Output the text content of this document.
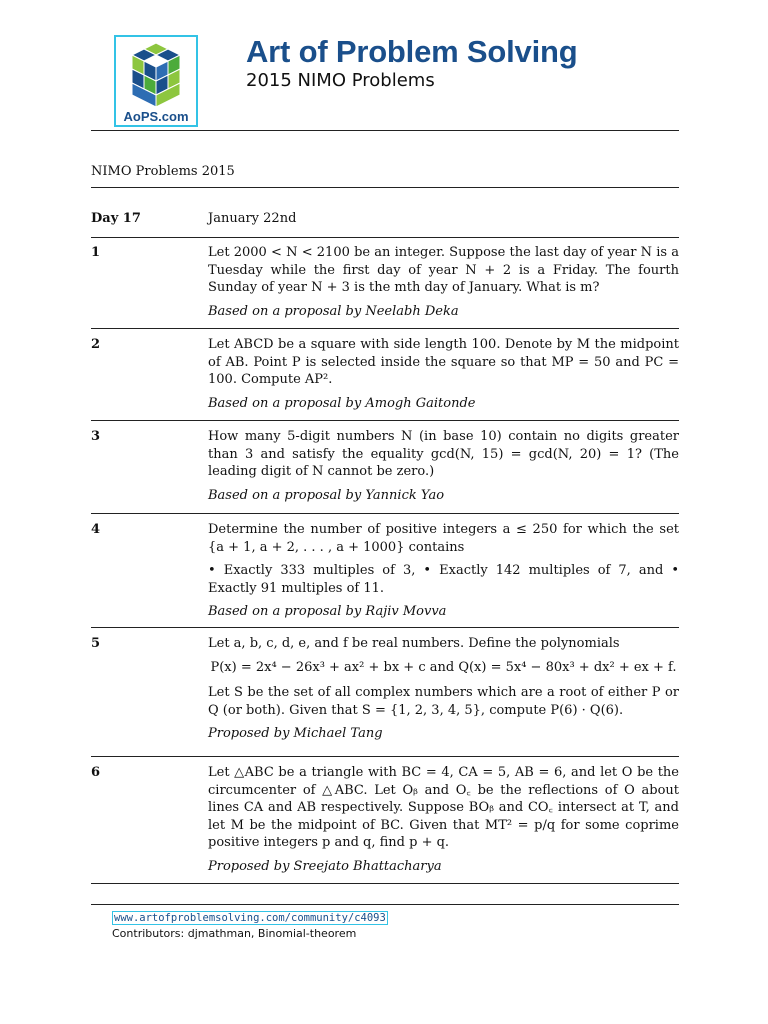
AoPS.com
Art of Problem Solving
2015 NIMO Problems
NIMO Problems 2015
Day 17	January 22nd
1	Let 2000 < N < 2100 be an integer. Suppose the last day of year N is a Tuesday while the first day of year N + 2 is a Friday. The fourth Sunday of year N + 3 is the mth day of January. What is m?

Based on a proposal by Neelabh Deka

2	Let ABCD be a square with side length 100. Denote by M the midpoint of AB. Point P is selected inside the square so that MP = 50 and PC = 100. Compute AP².

Based on a proposal by Amogh Gaitonde

3	How many 5-digit numbers N (in base 10) contain no digits greater than 3 and satisfy the equality gcd(N, 15) = gcd(N, 20) = 1? (The leading digit of N cannot be zero.)

Based on a proposal by Yannick Yao

4	Determine the number of positive integers a ≤ 250 for which the set {a + 1, a + 2, . . . , a + 1000} contains

• Exactly 333 multiples of 3, • Exactly 142 multiples of 7, and • Exactly 91 multiples of 11.

Based on a proposal by Rajiv Movva

5	Let a, b, c, d, e, and f be real numbers. Define the polynomials

P(x) = 2x⁴ − 26x³ + ax² + bx + c and Q(x) = 5x⁴ − 80x³ + dx² + ex + f.

Let S be the set of all complex numbers which are a root of either P or Q (or both). Given that S = {1, 2, 3, 4, 5}, compute P(6) · Q(6).

Proposed by Michael Tang

6	Let △ABC be a triangle with BC = 4, CA = 5, AB = 6, and let O be the circumcenter of △ABC. Let Oᵦ and O꜀ be the reflections of O about lines CA and AB respectively. Suppose BOᵦ and CO꜀ intersect at T, and let M be the midpoint of BC. Given that MT² = p/q for some coprime positive integers p and q, find p + q.

Proposed by Sreejato Bhattacharya

www.artofproblemsolving.com/community/c4093
Contributors: djmathman, Binomial-theorem
